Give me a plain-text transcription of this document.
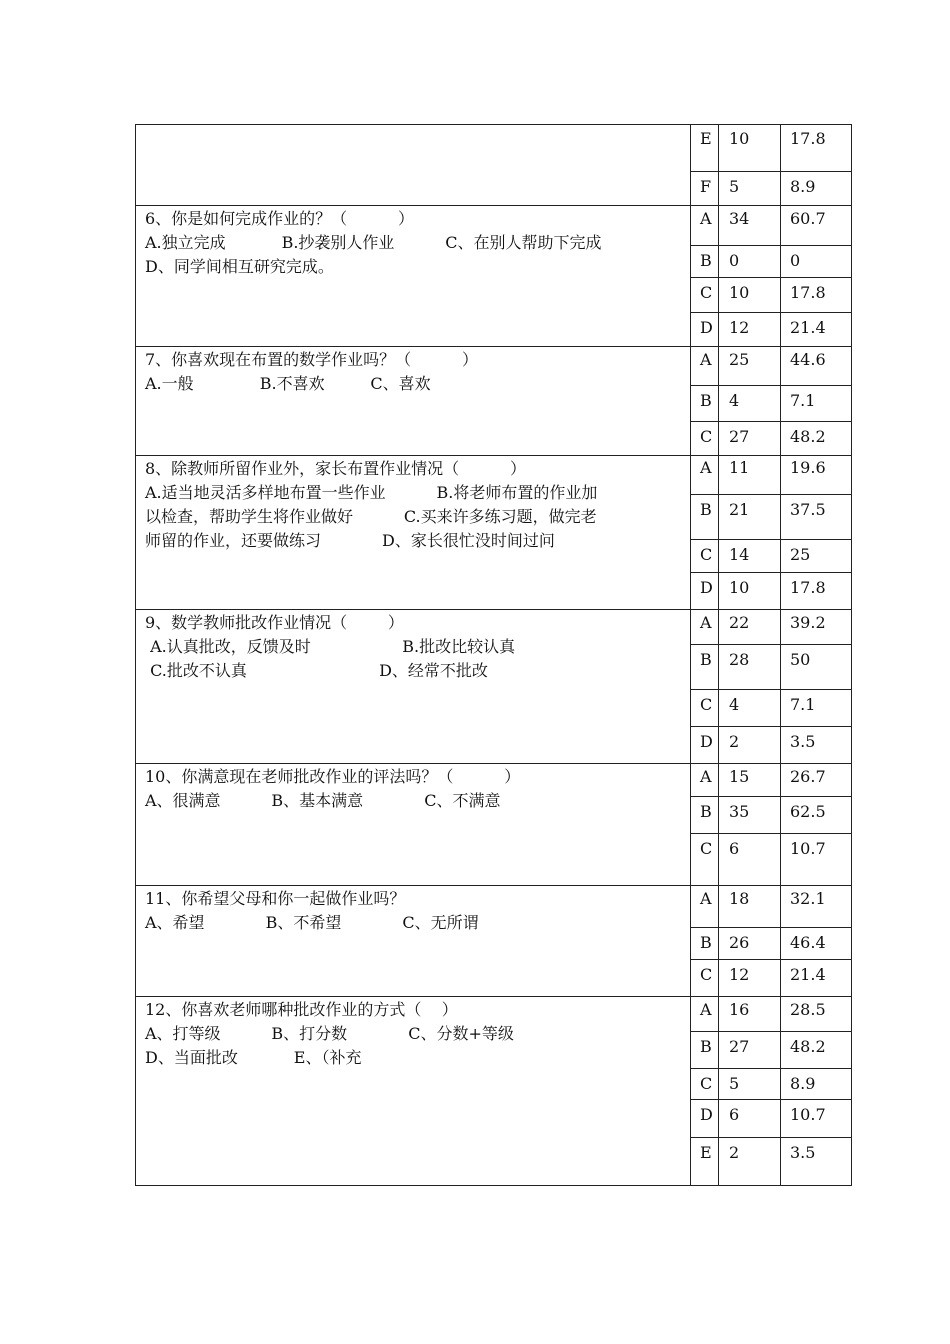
E 10	17.8
F 5	8.9
6、你是如何完成作业的？（          ）
A.独立完成           B.抄袭别人作业          C、在别人帮助下完成
D、同学间相互研究完成。
A 34	60.7
B 0	0
C 10	17.8
D 12	21.4
7、你喜欢现在布置的数学作业吗？（          ）
A.一般             B.不喜欢         C、喜欢
A 25	44.6
B 4	7.1
C 27	48.2
8、除教师所留作业外，家长布置作业情况（          ）
A.适当地灵活多样地布置一些作业          B.将老师布置的作业加
以检查，帮助学生将作业做好          C.买来许多练习题，做完老
师留的作业，还要做练习            D、家长很忙没时间过问
A 11	19.6
B 21	37.5
C 14	25
D 10	17.8
9、数学教师批改作业情况（        ）
A.认真批改，反馈及时                  B.批改比较认真
C.批改不认真                          D、经常不批改
A 22	39.2
B 28	50
C 4	7.1
D 2	3.5
10、你满意现在老师批改作业的评法吗？（          ）
A、很满意          B、基本满意            C、不满意
A 15	26.7
B 35	62.5
C 6	10.7
11、你希望父母和你一起做作业吗？
A、希望            B、不希望            C、无所谓
A 18	32.1
B 26	46.4
C 12	21.4
12、你喜欢老师哪种批改作业的方式（    ）
A、打等级          B、打分数            C、分数+等级
D、当面批改           E、（补充
A 16	28.5
B 27	48.2
C 5	8.9
D 6	10.7
E 2	3.5
